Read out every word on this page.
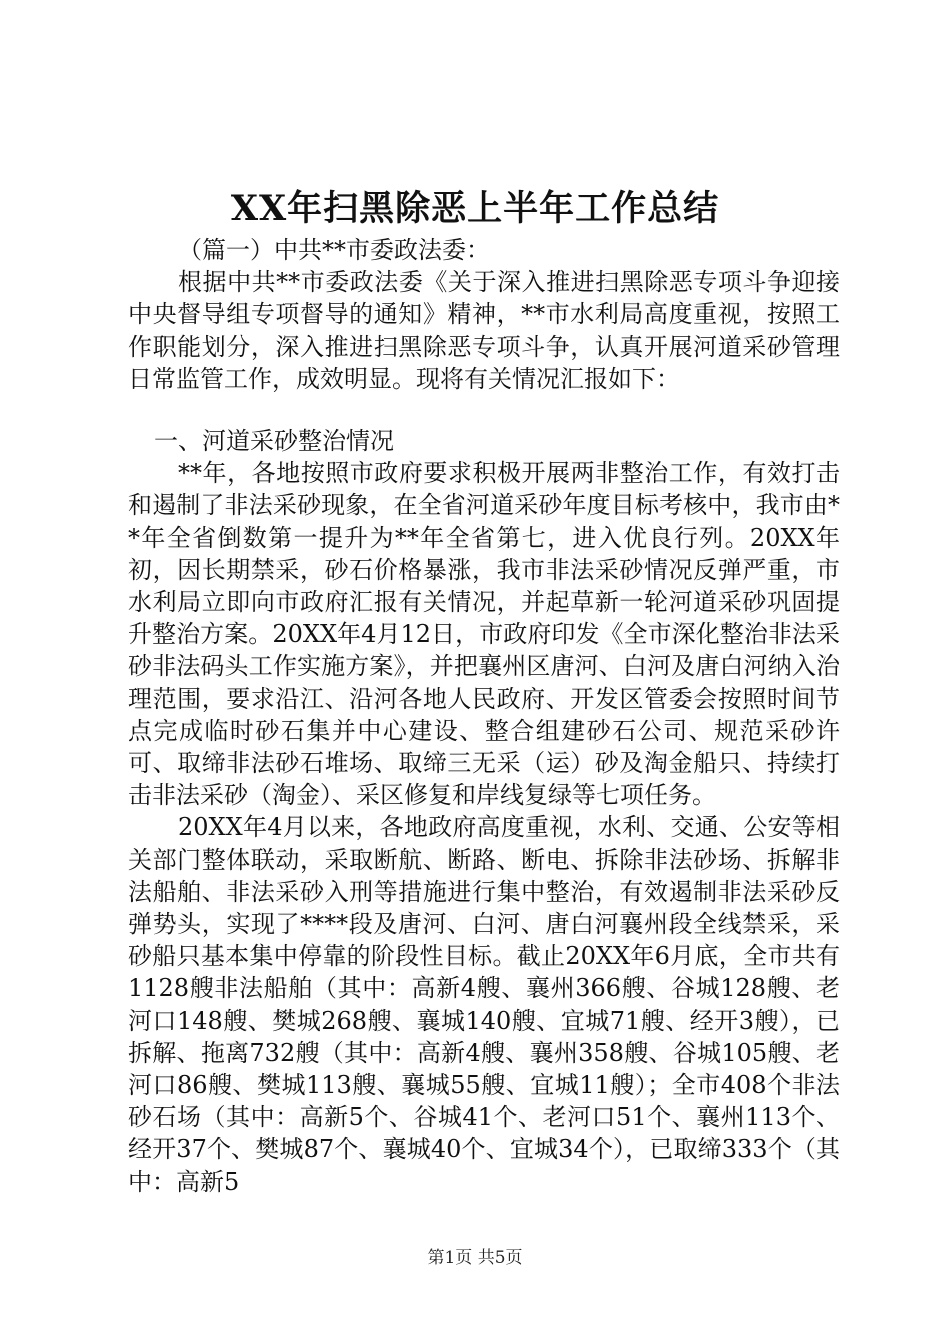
XX年扫黑除恶上半年工作总结

（篇一）中共**市委政法委：

根据中共**市委政法委《关于深入推进扫黑除恶专项斗争迎接中央督导组专项督导的通知》精神，**市水利局高度重视，按照工作职能划分，深入推进扫黑除恶专项斗争，认真开展河道采砂管理日常监管工作，成效明显。现将有关情况汇报如下：

一、河道采砂整治情况

**年，各地按照市政府要求积极开展两非整治工作，有效打击和遏制了非法采砂现象，在全省河道采砂年度目标考核中，我市由**年全省倒数第一提升为**年全省第七，进入优良行列。20XX年初，因长期禁采，砂石价格暴涨，我市非法采砂情况反弹严重，市水利局立即向市政府汇报有关情况，并起草新一轮河道采砂巩固提升整治方案。20XX年4月12日，市政府印发《全市深化整治非法采砂非法码头工作实施方案》，并把襄州区唐河、白河及唐白河纳入治理范围，要求沿江、沿河各地人民政府、开发区管委会按照时间节点完成临时砂石集并中心建设、整合组建砂石公司、规范采砂许可、取缔非法砂石堆场、取缔三无采（运）砂及淘金船只、持续打击非法采砂（淘金）、采区修复和岸线复绿等七项任务。

20XX年4月以来，各地政府高度重视，水利、交通、公安等相关部门整体联动，采取断航、断路、断电、拆除非法砂场、拆解非法船舶、非法采砂入刑等措施进行集中整治，有效遏制非法采砂反弹势头，实现了****段及唐河、白河、唐白河襄州段全线禁采，采砂船只基本集中停靠的阶段性目标。截止20XX年6月底，全市共有1128艘非法船舶（其中：高新4艘、襄州366艘、谷城128艘、老河口148艘、樊城268艘、襄城140艘、宜城71艘、经开3艘），已拆解、拖离732艘（其中：高新4艘、襄州358艘、谷城105艘、老河口86艘、樊城113艘、襄城55艘、宜城11艘）；全市408个非法砂石场（其中：高新5个、谷城41个、老河口51个、襄州113个、经开37个、樊城87个、襄城40个、宜城34个），已取缔333个（其中：高新5

第1页 共5页
